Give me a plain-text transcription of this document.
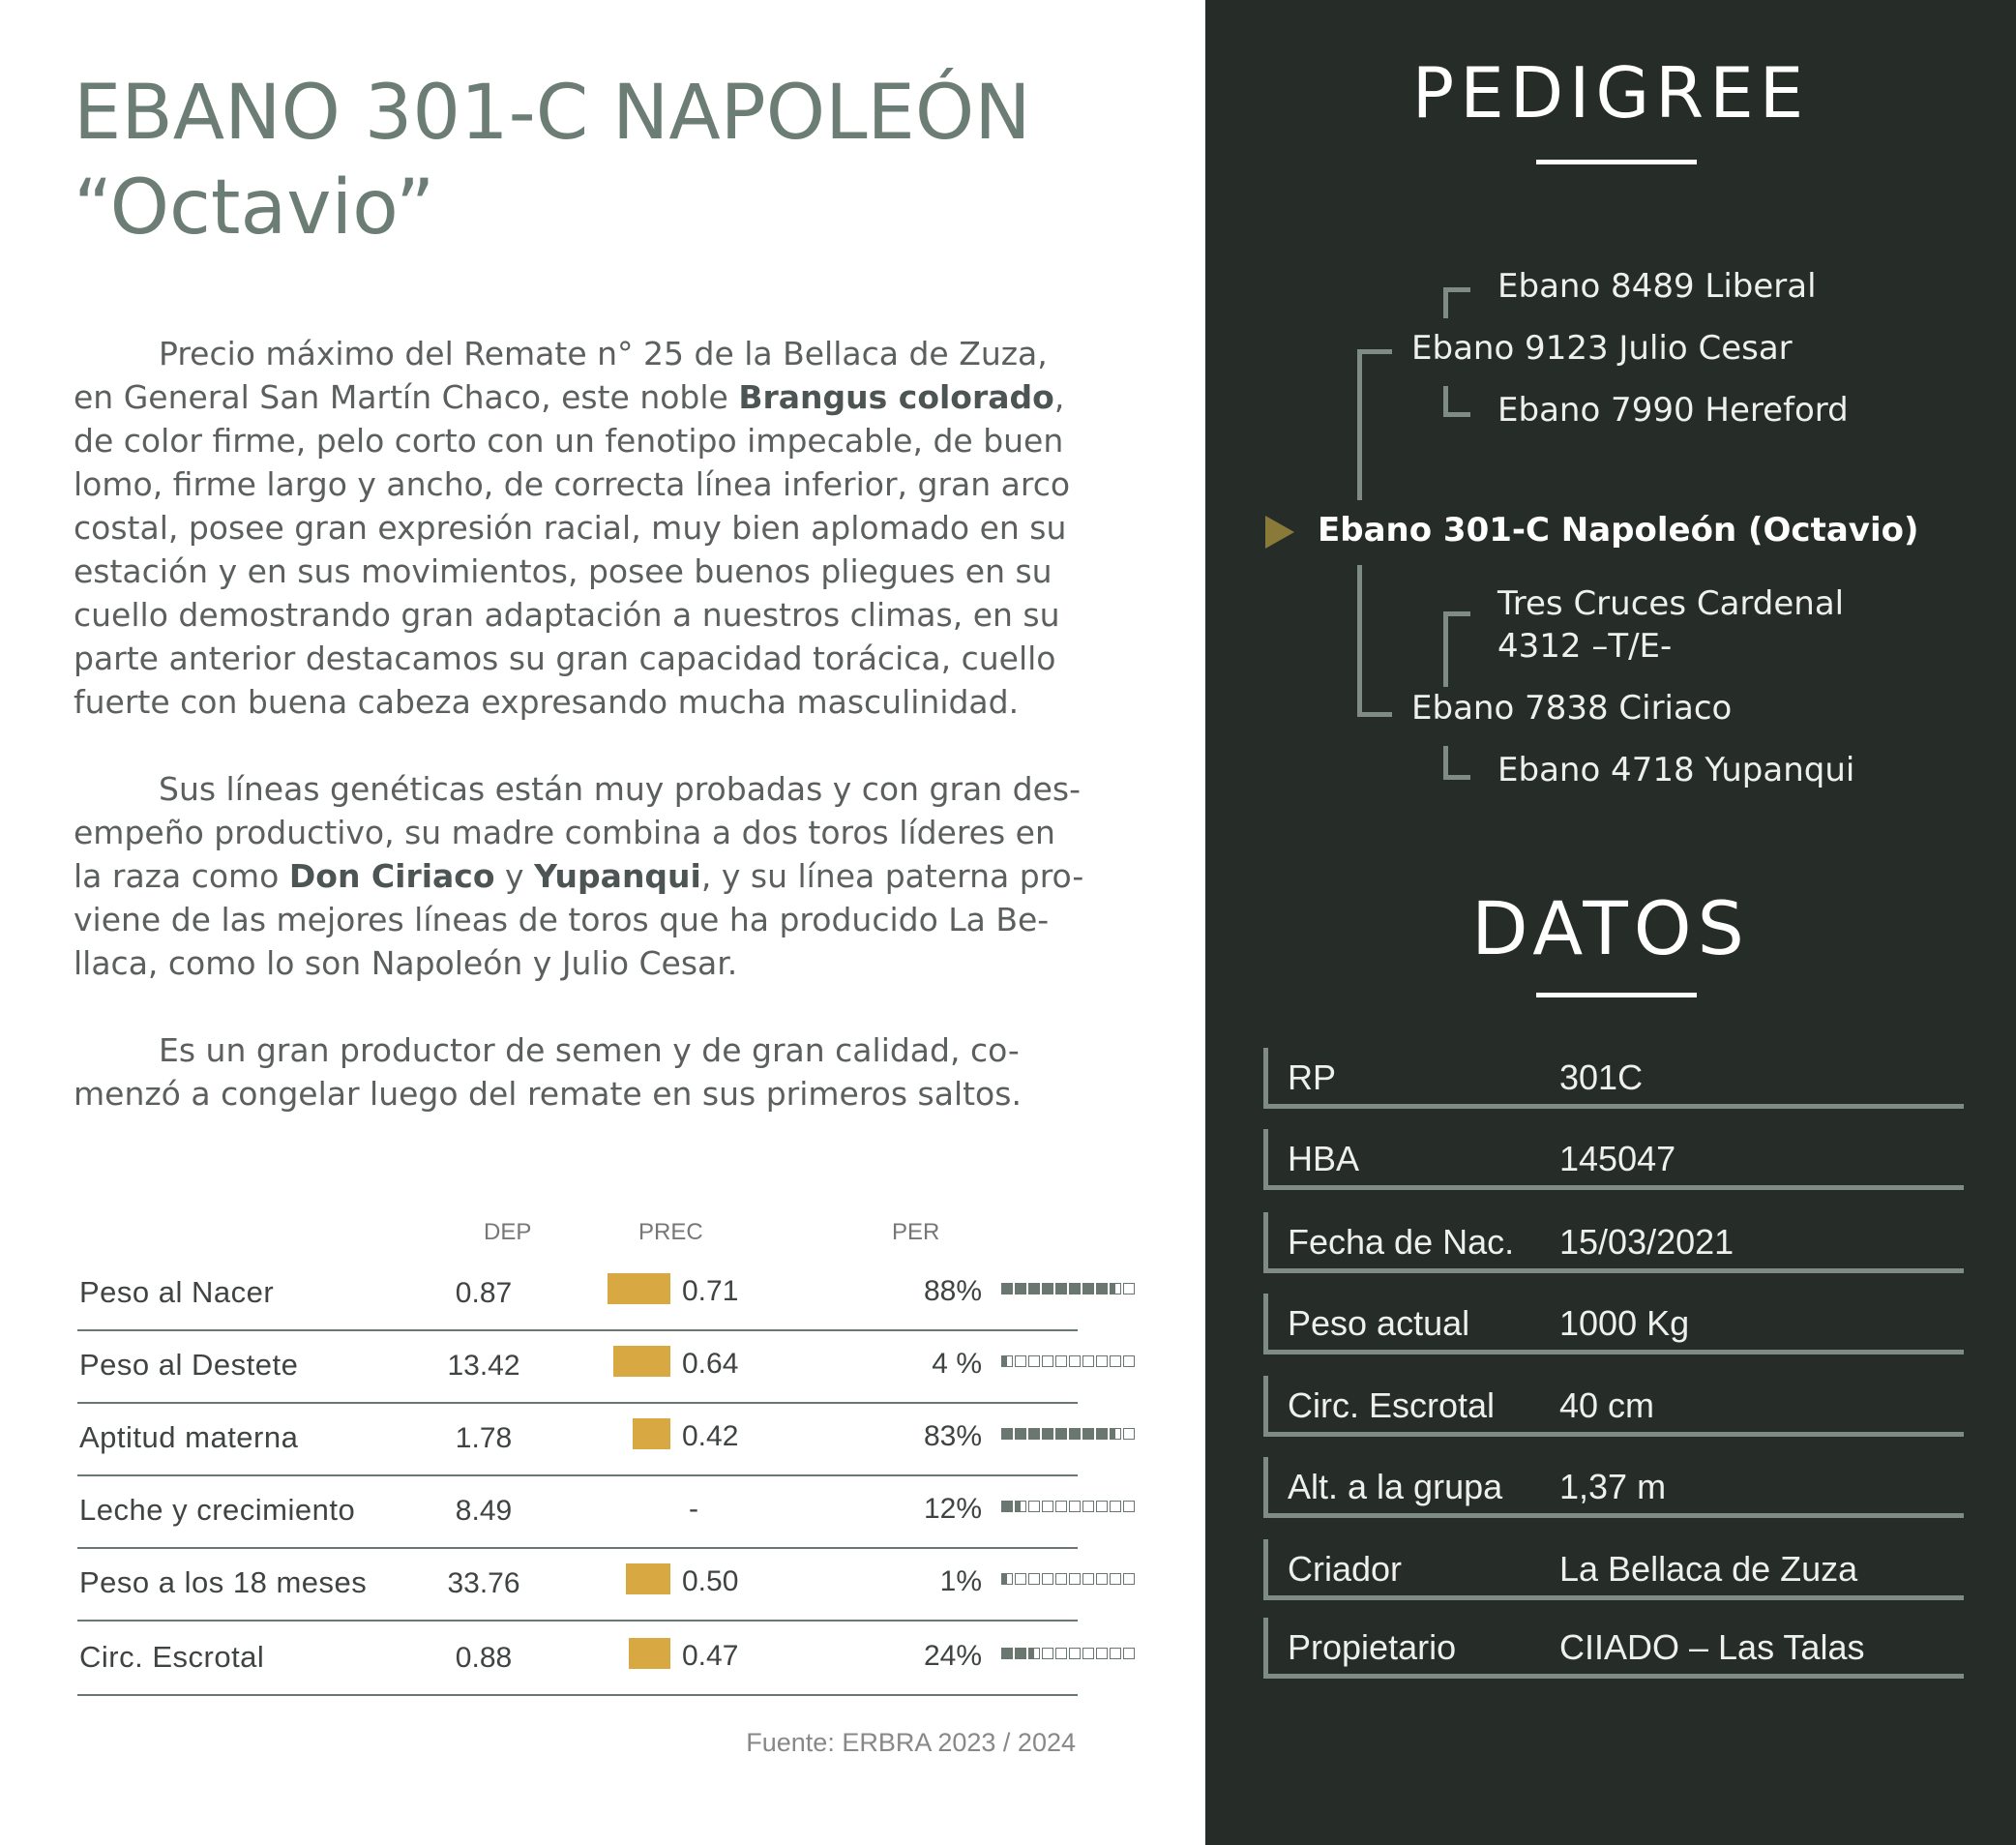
EBANO 301-C NAPOLEÓN
“Octavio”
Precio máximo del Remate n° 25 de la Bellaca de Zuza,
en General San Martín Chaco, este noble Brangus colorado,
de color firme, pelo corto con un fenotipo impecable, de buen
lomo, firme largo y ancho, de correcta línea inferior, gran arco
costal, posee gran expresión racial, muy bien aplomado en su
estación y en sus movimientos, posee buenos pliegues en su
cuello demostrando gran adaptación a nuestros climas, en su
parte anterior destacamos su gran capacidad torácica, cuello
fuerte con buena cabeza expresando mucha masculinidad.
Sus líneas genéticas están muy probadas y con gran des-
empeño productivo, su madre combina a dos toros líderes en
la raza como Don Ciriaco y Yupanqui, y su línea paterna pro-
viene de las mejores líneas de toros que ha producido La Be-
llaca, como lo son Napoleón y Julio Cesar.
Es un gran productor de semen y de gran calidad, co-
menzó a congelar luego del remate en sus primeros saltos.
DEP	PREC	PER
Peso al Nacer	0.87	0.71	88%
Peso al Destete	13.42	0.64	4 %
Aptitud materna	1.78	0.42	83%
Leche y crecimiento	8.49	-	12%
Peso a los 18 meses	33.76	0.50	1%
Circ. Escrotal	0.88	0.47	24%
Fuente: ERBRA 2023 / 2024
PEDIGREE
Ebano 8489 Liberal
Ebano 9123 Julio Cesar
Ebano 7990 Hereford
Ebano 301-C Napoleón (Octavio)
Tres Cruces Cardenal
4312 –T/E-
Ebano 7838 Ciriaco
Ebano 4718 Yupanqui
DATOS
RP	301C
HBA	145047
Fecha de Nac. 15/03/2021
Peso actual	1000 Kg
Circ. Escrotal 40 cm
Alt. a la grupa 1,37 m
Criador	La Bellaca de Zuza
Propietario	CIIADO – Las Talas
